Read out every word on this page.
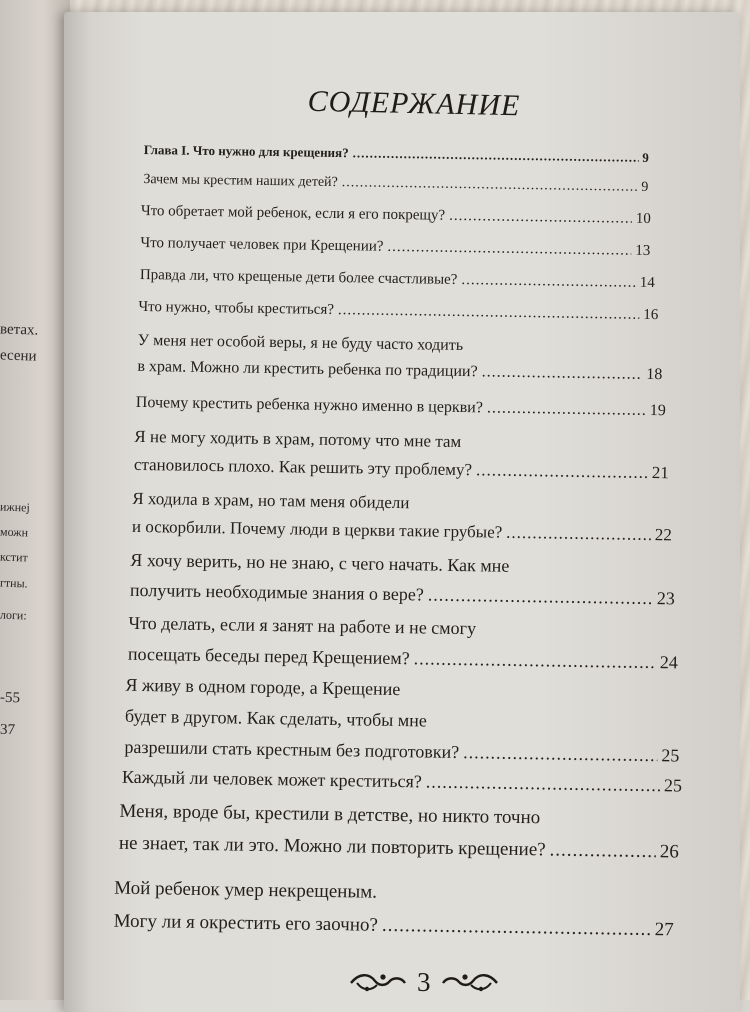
ветах.
есени
ижнеј
можн
кстит
гтны.
логи:
-55
37
СОДЕРЖАНИЕ
Глава I. Что нужно для крещения? .....	9
Зачем мы крестим наших детей? .....	9
Что обретает мой ребенок, если я его покрещу? .....	10
Что получает человек при Крещении? .....	13
Правда ли, что крещеные дети более счастливые? .....	14
Что нужно, чтобы креститься? .....	16
У меня нет особой веры, я не буду часто ходить
в храм. Можно ли крестить ребенка по традиции? .....	18
Почему крестить ребенка нужно именно в церкви? .....	19
Я не могу ходить в храм, потому что мне там
становилось плохо. Как решить эту проблему? .....	21
Я ходила в храм, но там меня обидели
и оскорбили. Почему люди в церкви такие грубые? .....	22
Я хочу верить, но не знаю, с чего начать. Как мне
получить необходимые знания о вере? .....	23
Что делать, если я занят на работе и не смогу
посещать беседы перед Крещением? .....	24
Я живу в одном городе, а Крещение
будет в другом. Как сделать, чтобы мне
разрешили стать крестным без подготовки? .....	25
Каждый ли человек может креститься? .....	25
Меня, вроде бы, крестили в детстве, но никто точно
не знает, так ли это. Можно ли повторить крещение? .....	26
Мой ребенок умер некрещеным.
Могу ли я окрестить его заочно? .....	27
3
